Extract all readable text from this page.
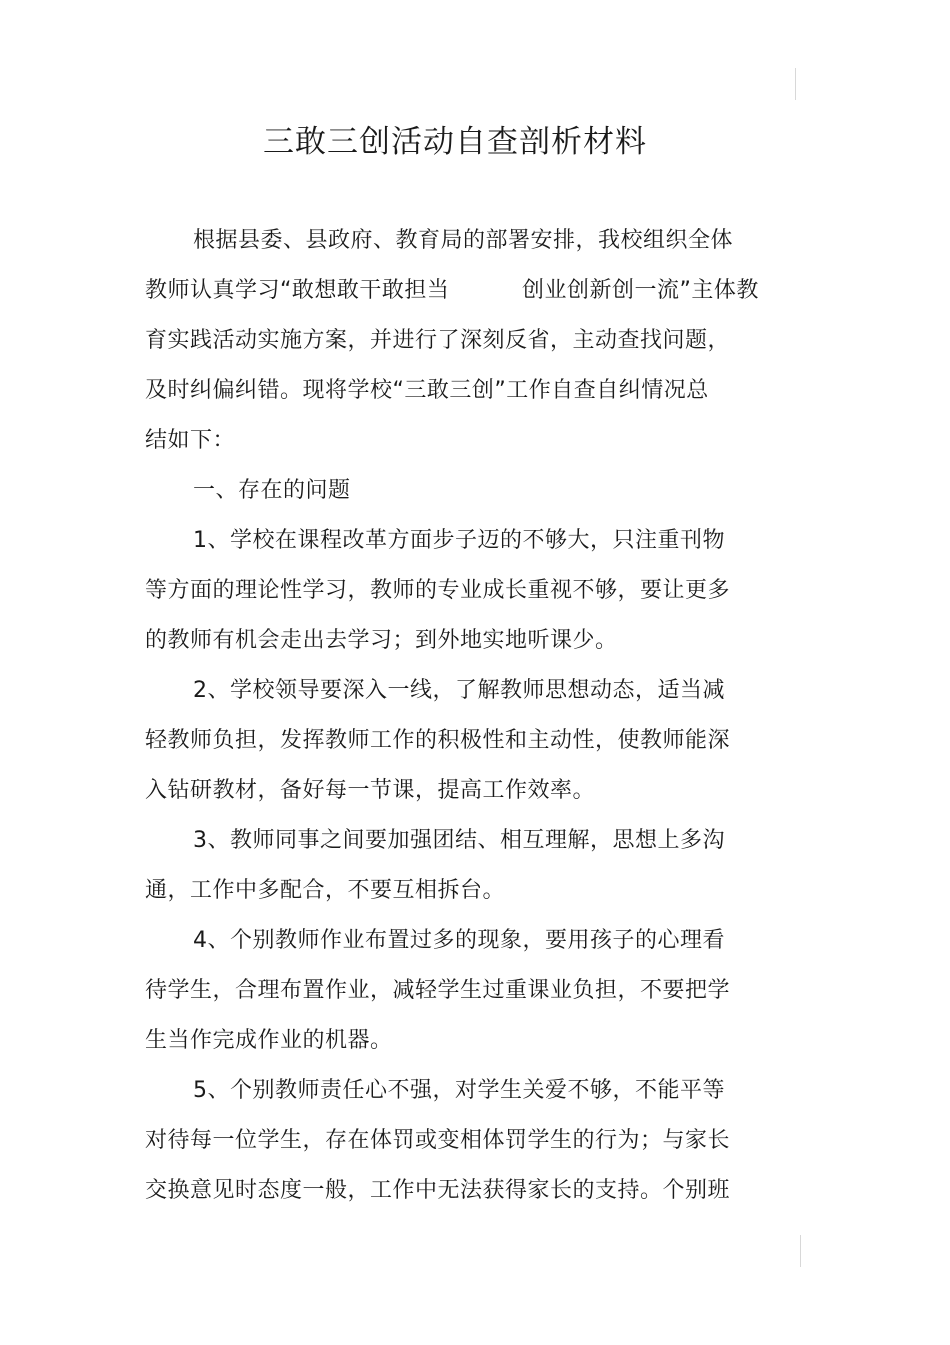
三敢三创活动自查剖析材料
根据县委、县政府、教育局的部署安排，我校组织全体
教师认真学习“敢想敢干敢担当	创业创新创一流”主体教
育实践活动实施方案，并进行了深刻反省，主动查找问题，
及时纠偏纠错。现将学校“三敢三创”工作自查自纠情况总
结如下：
一、存在的问题
1、学校在课程改革方面步子迈的不够大，只注重刊物
等方面的理论性学习，教师的专业成长重视不够，要让更多
的教师有机会走出去学习；到外地实地听课少。
2、学校领导要深入一线，了解教师思想动态，适当减
轻教师负担，发挥教师工作的积极性和主动性，使教师能深
入钻研教材，备好每一节课，提高工作效率。
3、教师同事之间要加强团结、相互理解，思想上多沟
通，工作中多配合，不要互相拆台。
4、个别教师作业布置过多的现象，要用孩子的心理看
待学生，合理布置作业，减轻学生过重课业负担，不要把学
生当作完成作业的机器。
5、个别教师责任心不强，对学生关爱不够，不能平等
对待每一位学生，存在体罚或变相体罚学生的行为；与家长
交换意见时态度一般，工作中无法获得家长的支持。个别班
